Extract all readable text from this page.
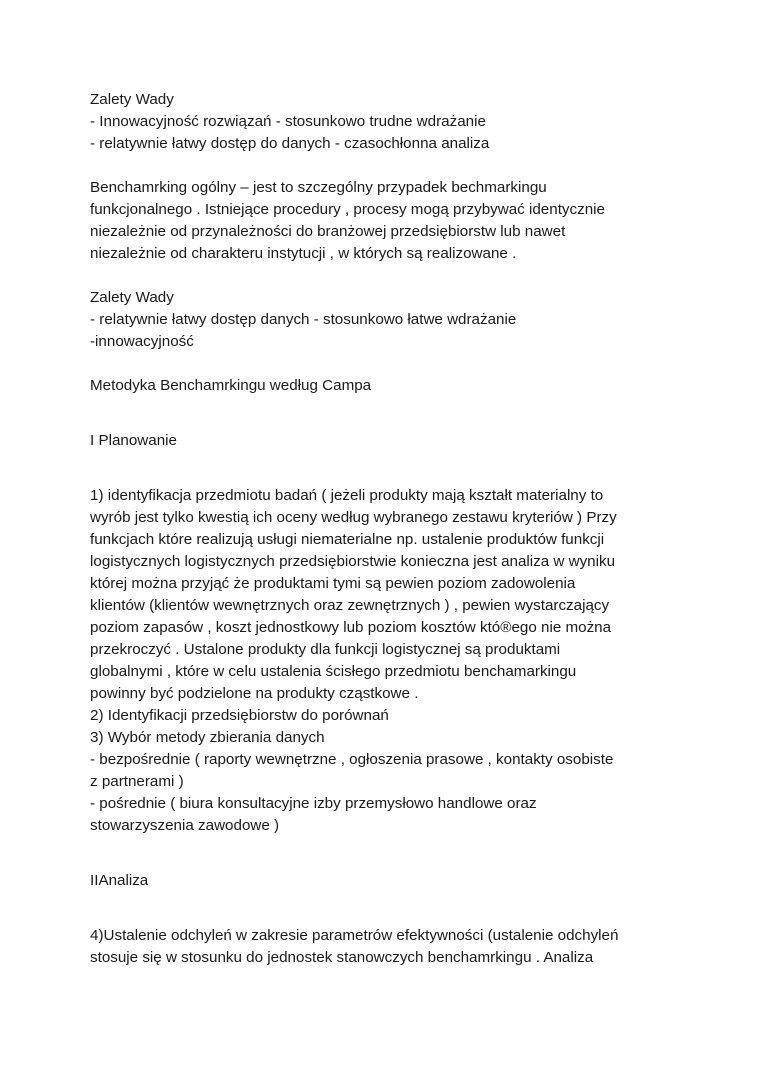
Zalety Wady
- Innowacyjność rozwiązań - stosunkowo trudne wdrażanie
- relatywnie łatwy dostęp do danych - czasochłonna analiza
Benchamrking ogólny – jest to szczególny przypadek bechmarkingu
funkcjonalnego . Istniejące procedury , procesy mogą przybywać identycznie
niezależnie od przynależności do branżowej przedsiębiorstw lub nawet
niezależnie od charakteru instytucji , w których są realizowane .
Zalety Wady
- relatywnie łatwy dostęp danych - stosunkowo łatwe wdrażanie
-innowacyjność
Metodyka Benchamrkingu według Campa
I Planowanie
1) identyfikacja przedmiotu badań ( jeżeli produkty mają kształt materialny to
wyrób jest tylko kwestią ich oceny według wybranego zestawu kryteriów ) Przy
funkcjach które realizują usługi niematerialne np. ustalenie produktów funkcji
logistycznych logistycznych przedsiębiorstwie konieczna jest analiza w wyniku
której można przyjąć że produktami tymi są pewien poziom zadowolenia
klientów (klientów wewnętrznych oraz zewnętrznych ) , pewien wystarczający
poziom zapasów , koszt jednostkowy lub poziom kosztów któ®ego nie można
przekroczyć . Ustalone produkty dla funkcji logistycznej są produktami
globalnymi , które w celu ustalenia ścisłego przedmiotu benchamarkingu
powinny być podzielone na produkty cząstkowe .
2) Identyfikacji przedsiębiorstw do porównań
3) Wybór metody zbierania danych
- bezpośrednie ( raporty wewnętrzne , ogłoszenia prasowe , kontakty osobiste
z partnerami )
- pośrednie ( biura konsultacyjne izby przemysłowo handlowe oraz
stowarzyszenia zawodowe )
IIAnaliza
4)Ustalenie odchyleń w zakresie parametrów efektywności (ustalenie odchyleń
stosuje się w stosunku do jednostek stanowczych benchamrkingu . Analiza
